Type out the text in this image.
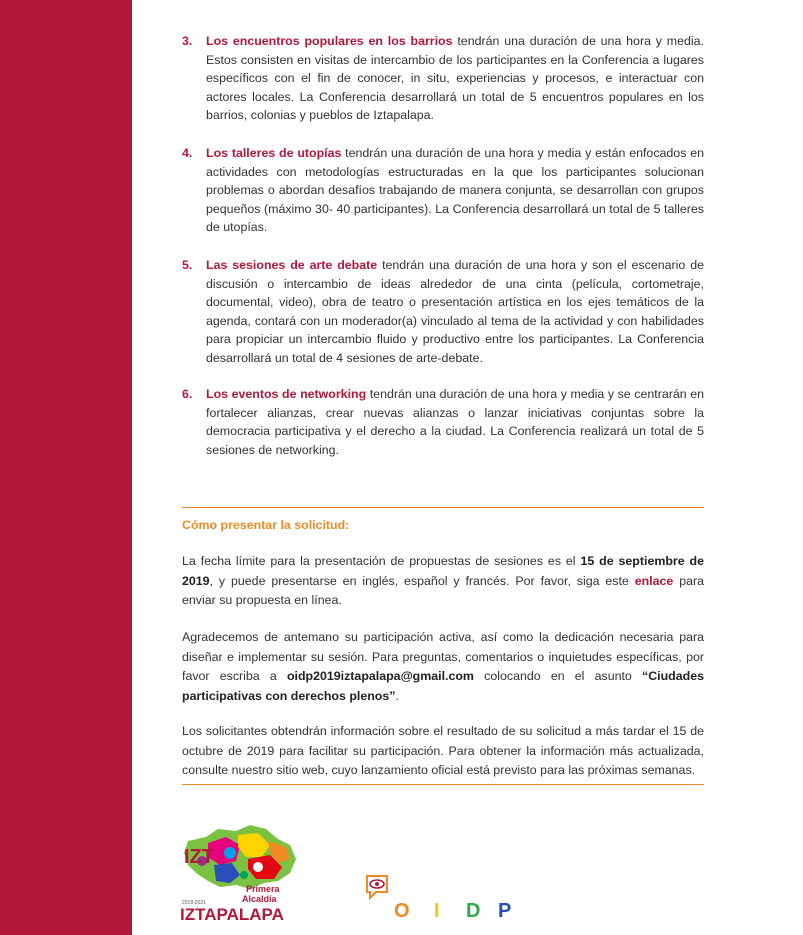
3. Los encuentros populares en los barrios tendrán una duración de una hora y media. Estos consisten en visitas de intercambio de los participantes en la Conferencia a lugares específicos con el fin de conocer, in situ, experiencias y procesos, e interactuar con actores locales. La Conferencia desarrollará un total de 5 encuentros populares en los barrios, colonias y pueblos de Iztapalapa.
4. Los talleres de utopías tendrán una duración de una hora y media y están enfocados en actividades con metodologías estructuradas en la que los participantes solucionan problemas o abordan desafíos trabajando de manera conjunta, se desarrollan con grupos pequeños (máximo 30- 40 participantes). La Conferencia desarrollará un total de 5 talleres de utopías.
5. Las sesiones de arte debate tendrán una duración de una hora y son el escenario de discusión o intercambio de ideas alrededor de una cinta (película, cortometraje, documental, video), obra de teatro o presentación artística en los ejes temáticos de la agenda, contará con un moderador(a) vinculado al tema de la actividad y con habilidades para propiciar un intercambio fluido y productivo entre los participantes. La Conferencia desarrollará un total de 4 sesiones de arte-debate.
6. Los eventos de networking tendrán una duración de una hora y media y se centrarán en fortalecer alianzas, crear nuevas alianzas o lanzar iniciativas conjuntas sobre la democracia participativa y el derecho a la ciudad. La Conferencia realizará un total de 5 sesiones de networking.
Cómo presentar la solicitud:
La fecha límite para la presentación de propuestas de sesiones es el 15 de septiembre de 2019, y puede presentarse en inglés, español y francés. Por favor, siga este enlace para enviar su propuesta en línea.
Agradecemos de antemano su participación activa, así como la dedicación necesaria para diseñar e implementar su sesión. Para preguntas, comentarios o inquietudes específicas, por favor escriba a oidp2019iztapalapa@gmail.com colocando en el asunto “Ciudades participativas con derechos plenos”.
Los solicitantes obtendrán información sobre el resultado de su solicitud a más tardar el 15 de octubre de 2019 para facilitar su participación. Para obtener la información más actualizada, consulte nuestro sitio web, cuyo lanzamiento oficial está previsto para las próximas semanas.
IZT
Primera
Alcaldía
2018-2021
IZTAPALAPA	O I D P
